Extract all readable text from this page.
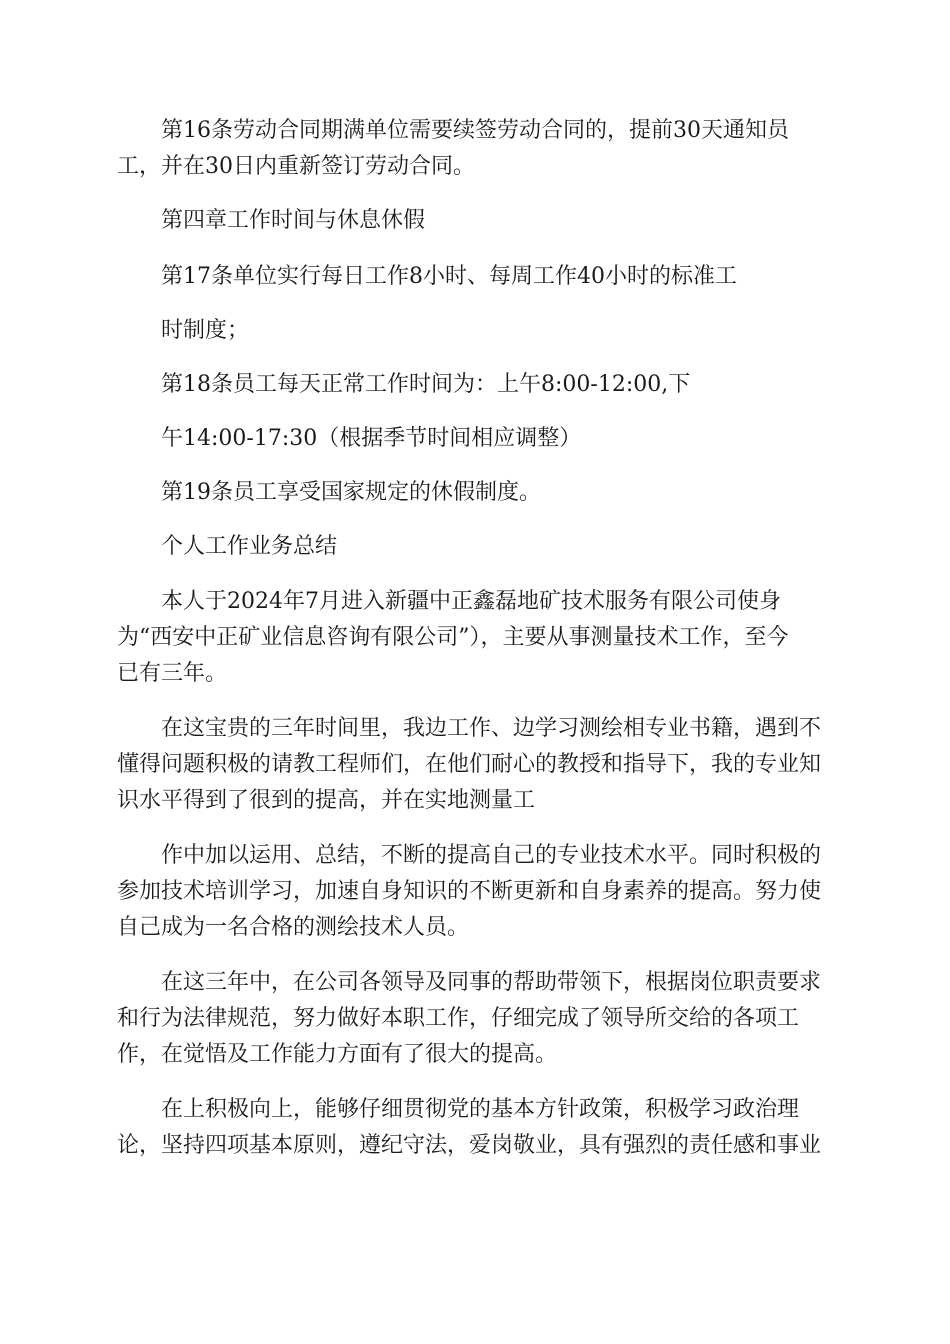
第16条劳动合同期满单位需要续签劳动合同的，提前30天通知员
工，并在30日内重新签订劳动合同。

第四章工作时间与休息休假

第17条单位实行每日工作8小时、每周工作40小时的标准工

时制度；

第18条员工每天正常工作时间为：上午8:00-12:00,下

午14:00-17:30（根据季节时间相应调整）

第19条员工享受国家规定的休假制度。

个人工作业务总结

本人于2024年7月进入新疆中正鑫磊地矿技术服务有限公司使身
为“西安中正矿业信息咨询有限公司”），主要从事测量技术工作，至今
已有三年。

在这宝贵的三年时间里，我边工作、边学习测绘相专业书籍，遇到不
懂得问题积极的请教工程师们，在他们耐心的教授和指导下，我的专业知
识水平得到了很到的提高，并在实地测量工

作中加以运用、总结，不断的提高自己的专业技术水平。同时积极的
参加技术培训学习，加速自身知识的不断更新和自身素养的提高。努力使
自己成为一名合格的测绘技术人员。

在这三年中，在公司各领导及同事的帮助带领下，根据岗位职责要求
和行为法律规范，努力做好本职工作，仔细完成了领导所交给的各项工
作，在觉悟及工作能力方面有了很大的提高。

在上积极向上，能够仔细贯彻党的基本方针政策，积极学习政治理
论，坚持四项基本原则，遵纪守法，爱岗敬业，具有强烈的责任感和事业
